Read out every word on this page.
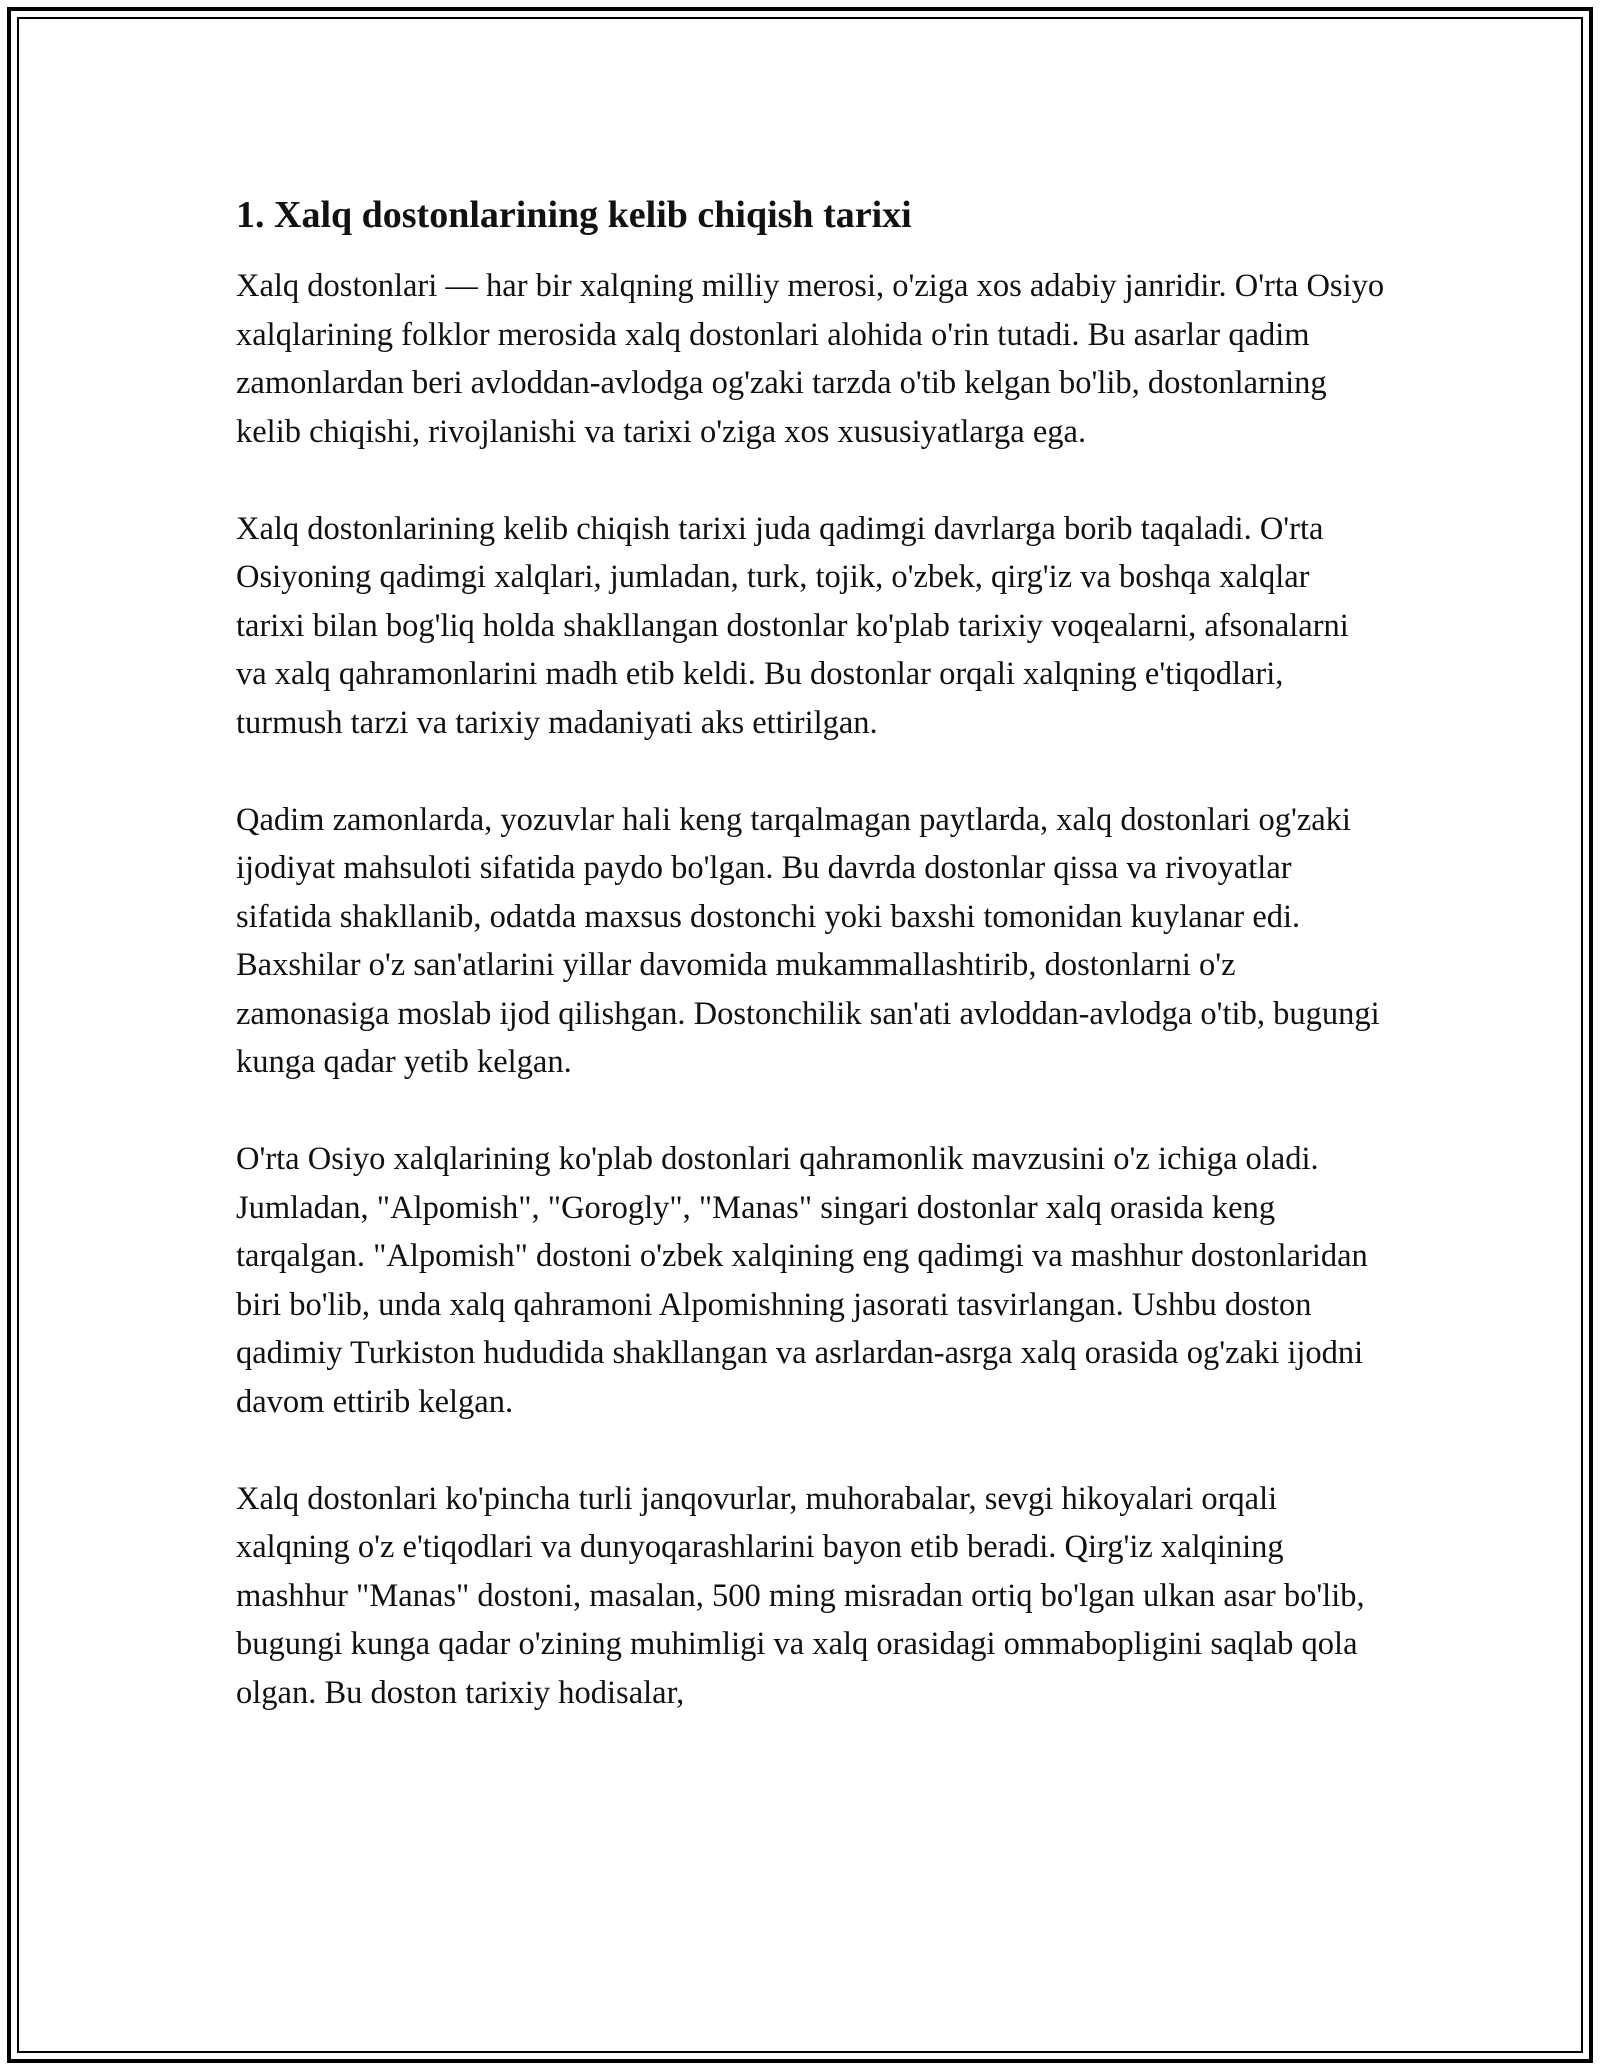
1. Xalq dostonlarining kelib chiqish tarixi

Xalq dostonlari — har bir xalqning milliy merosi, o'ziga xos adabiy janridir. O'rta Osiyo xalqlarining folklor merosida xalq dostonlari alohida o'rin tutadi. Bu asarlar qadim zamonlardan beri avloddan-avlodga og'zaki tarzda o'tib kelgan bo'lib, dostonlarning kelib chiqishi, rivojlanishi va tarixi o'ziga xos xususiyatlarga ega.

Xalq dostonlarining kelib chiqish tarixi juda qadimgi davrlarga borib taqaladi. O'rta Osiyoning qadimgi xalqlari, jumladan, turk, tojik, o'zbek, qirg'iz va boshqa xalqlar tarixi bilan bog'liq holda shakllangan dostonlar ko'plab tarixiy voqealarni, afsonalarni va xalq qahramonlarini madh etib keldi. Bu dostonlar orqali xalqning e'tiqodlari, turmush tarzi va tarixiy madaniyati aks ettirilgan.

Qadim zamonlarda, yozuvlar hali keng tarqalmagan paytlarda, xalq dostonlari og'zaki ijodiyat mahsuloti sifatida paydo bo'lgan. Bu davrda dostonlar qissa va rivoyatlar sifatida shakllanib, odatda maxsus dostonchi yoki baxshi tomonidan kuylanar edi. Baxshilar o'z san'atlarini yillar davomida mukammallashtirib, dostonlarni o'z zamonasiga moslab ijod qilishgan. Dostonchilik san'ati avloddan-avlodga o'tib, bugungi kunga qadar yetib kelgan.

O'rta Osiyo xalqlarining ko'plab dostonlari qahramonlik mavzusini o'z ichiga oladi. Jumladan, "Alpomish", "Gorogly", "Manas" singari dostonlar xalq orasida keng tarqalgan. "Alpomish" dostoni o'zbek xalqining eng qadimgi va mashhur dostonlaridan biri bo'lib, unda xalq qahramoni Alpomishning jasorati tasvirlangan. Ushbu doston qadimiy Turkiston hududida shakllangan va asrlardan-asrga xalq orasida og'zaki ijodni davom ettirib kelgan.

Xalq dostonlari ko'pincha turli janqovurlar, muhorabalar, sevgi hikoyalari orqali xalqning o'z e'tiqodlari va dunyoqarashlarini bayon etib beradi. Qirg'iz xalqining mashhur "Manas" dostoni, masalan, 500 ming misradan ortiq bo'lgan ulkan asar bo'lib, bugungi kunga qadar o'zining muhimligi va xalq orasidagi ommabopligini saqlab qola olgan. Bu doston tarixiy hodisalar,
